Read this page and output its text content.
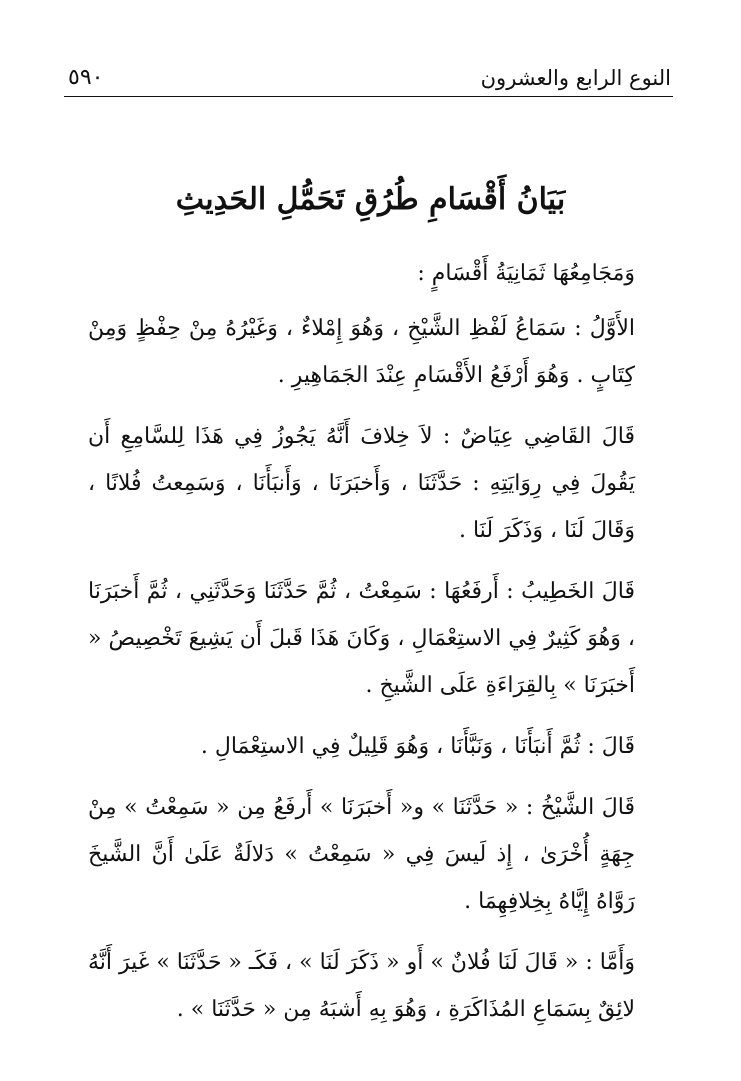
النوع الرابع والعشرون
٥٩٠
بَيَانُ أَقْسَامِ طُرُقِ تَحَمُّلِ الحَدِيثِ

وَمَجَامِعُهَا ثَمَانِيَةُ أَقْسَامٍ :

الأَوَّلُ : سَمَاعُ لَفْظِ الشَّيْخِ ، وَهُوَ إِمْلاءٌ ، وَغَيْرُهُ مِنْ حِفْظٍ وَمِنْ كِتَابٍ . وَهُوَ أَرْفَعُ الأَقْسَامِ عِنْدَ الجَمَاهِيرِ .

قَالَ القَاضِي عِيَاضٌ : لاَ خِلافَ أَنَّهُ يَجُوزُ فِي هَذَا لِلسَّامِعِ أَن يَقُولَ فِي رِوَايَتِهِ : حَدَّثَنَا ، وَأَخبَرَنَا ، وَأَنبَأَنَا ، وَسَمِعتُ فُلانًا ، وَقَالَ لَنَا ، وَذَكَرَ لَنَا .

قَالَ الخَطِيبُ : أَرفَعُهَا : سَمِعْتُ ، ثُمَّ حَدَّثَنَا وَحَدَّثَنِي ، ثُمَّ أَخبَرَنَا ، وَهُوَ كَثِيرٌ فِي الاستِعْمَالِ ، وَكَانَ هَذَا قَبلَ أَن يَشِيعَ تَخْصِيصُ « أَخبَرَنَا » بِالقِرَاءَةِ عَلَى الشَّيخِ .

قَالَ : ثُمَّ أَنبَأَنَا ، وَنَبَّأَنَا ، وَهُوَ قَلِيلٌ فِي الاستِعْمَالِ .

قَالَ الشَّيْخُ : « حَدَّثَنَا » و« أَخبَرَنَا » أَرفَعُ مِن « سَمِعْتُ » مِنْ جِهَةٍ أُخْرَىٰ ، إِذ لَيسَ فِي « سَمِعْتُ » دَلالَةٌ عَلَىٰ أَنَّ الشَّيخَ رَوَّاهُ إِيَّاهُ بِخِلافِهِمَا .

وَأَمَّا : « قَالَ لَنَا فُلانٌ » أَو « ذَكَرَ لَنَا » ، فَكَـ « حَدَّثَنَا » غَيرَ أَنَّهُ لائِقٌ بِسَمَاعِ المُذَاكَرَةِ ، وَهُوَ بِهِ أَشبَهُ مِن « حَدَّثَنَا » .
